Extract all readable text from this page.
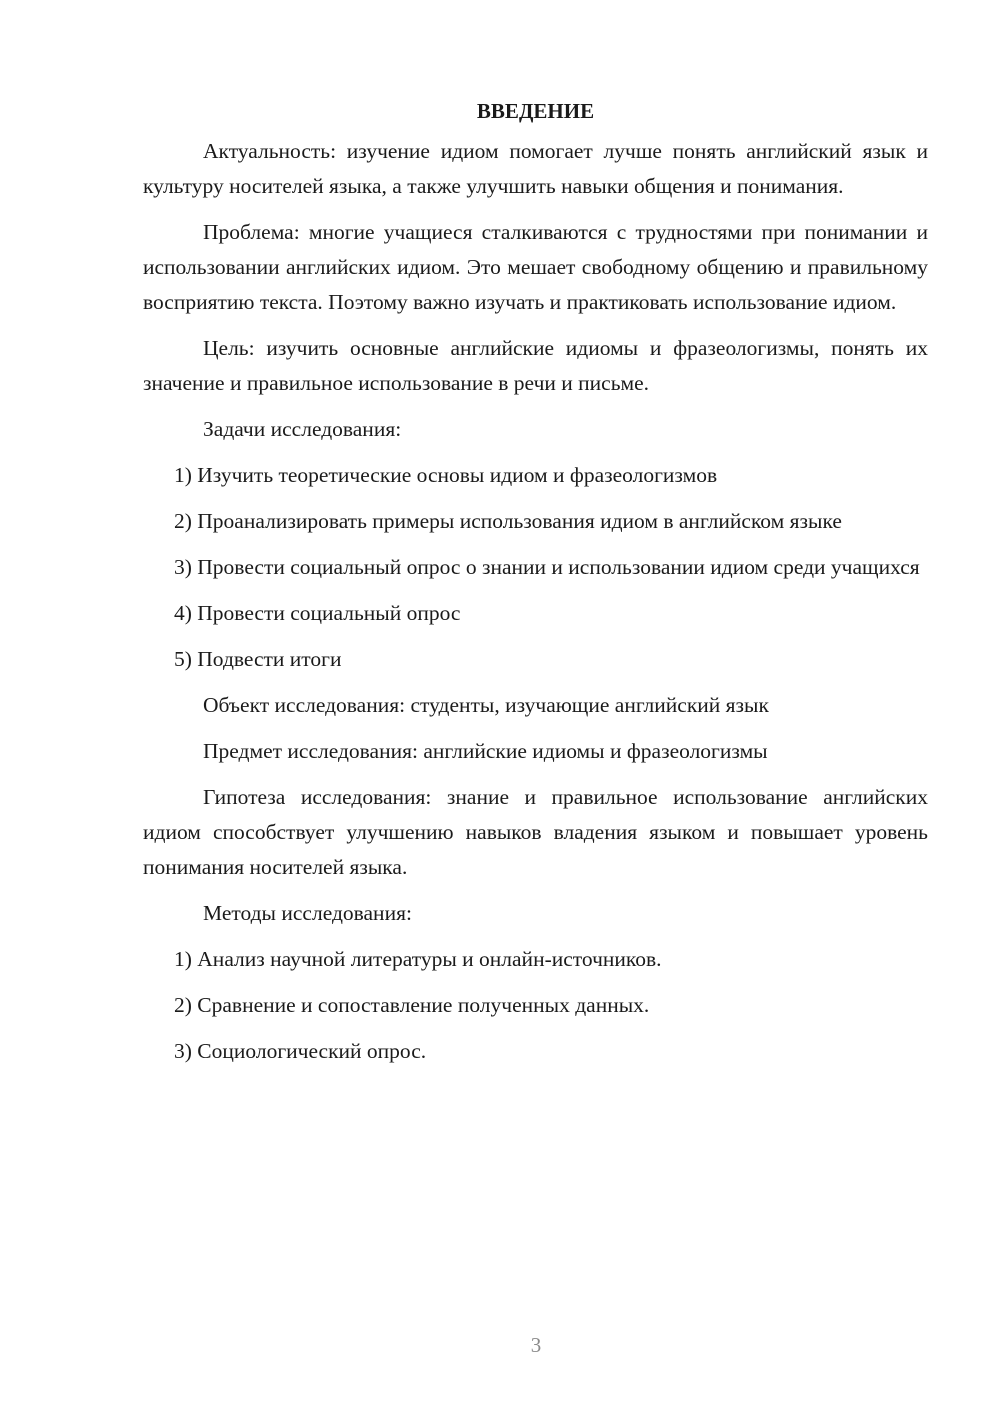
ВВЕДЕНИЕ

Актуальность: изучение идиом помогает лучше понять английский язык и культуру носителей языка, а также улучшить навыки общения и понимания.

Проблема: многие учащиеся сталкиваются с трудностями при понимании и использовании английских идиом. Это мешает свободному общению и правильному восприятию текста. Поэтому важно изучать и практиковать использование идиом.

Цель: изучить основные английские идиомы и фразеологизмы, понять их значение и правильное использование в речи и письме.

Задачи исследования:

1) Изучить теоретические основы идиом и фразеологизмов

2) Проанализировать примеры использования идиом в английском языке

3) Провести социальный опрос о знании и использовании идиом среди учащихся

4) Провести социальный опрос

5) Подвести итоги

Объект исследования: студенты, изучающие английский язык

Предмет исследования: английские идиомы и фразеологизмы

Гипотеза исследования: знание и правильное использование английских идиом способствует улучшению навыков владения языком и повышает уровень понимания носителей языка.

Методы исследования:

1) Анализ научной литературы и онлайн-источников.

2) Сравнение и сопоставление полученных данных.

3) Социологический опрос.

3
